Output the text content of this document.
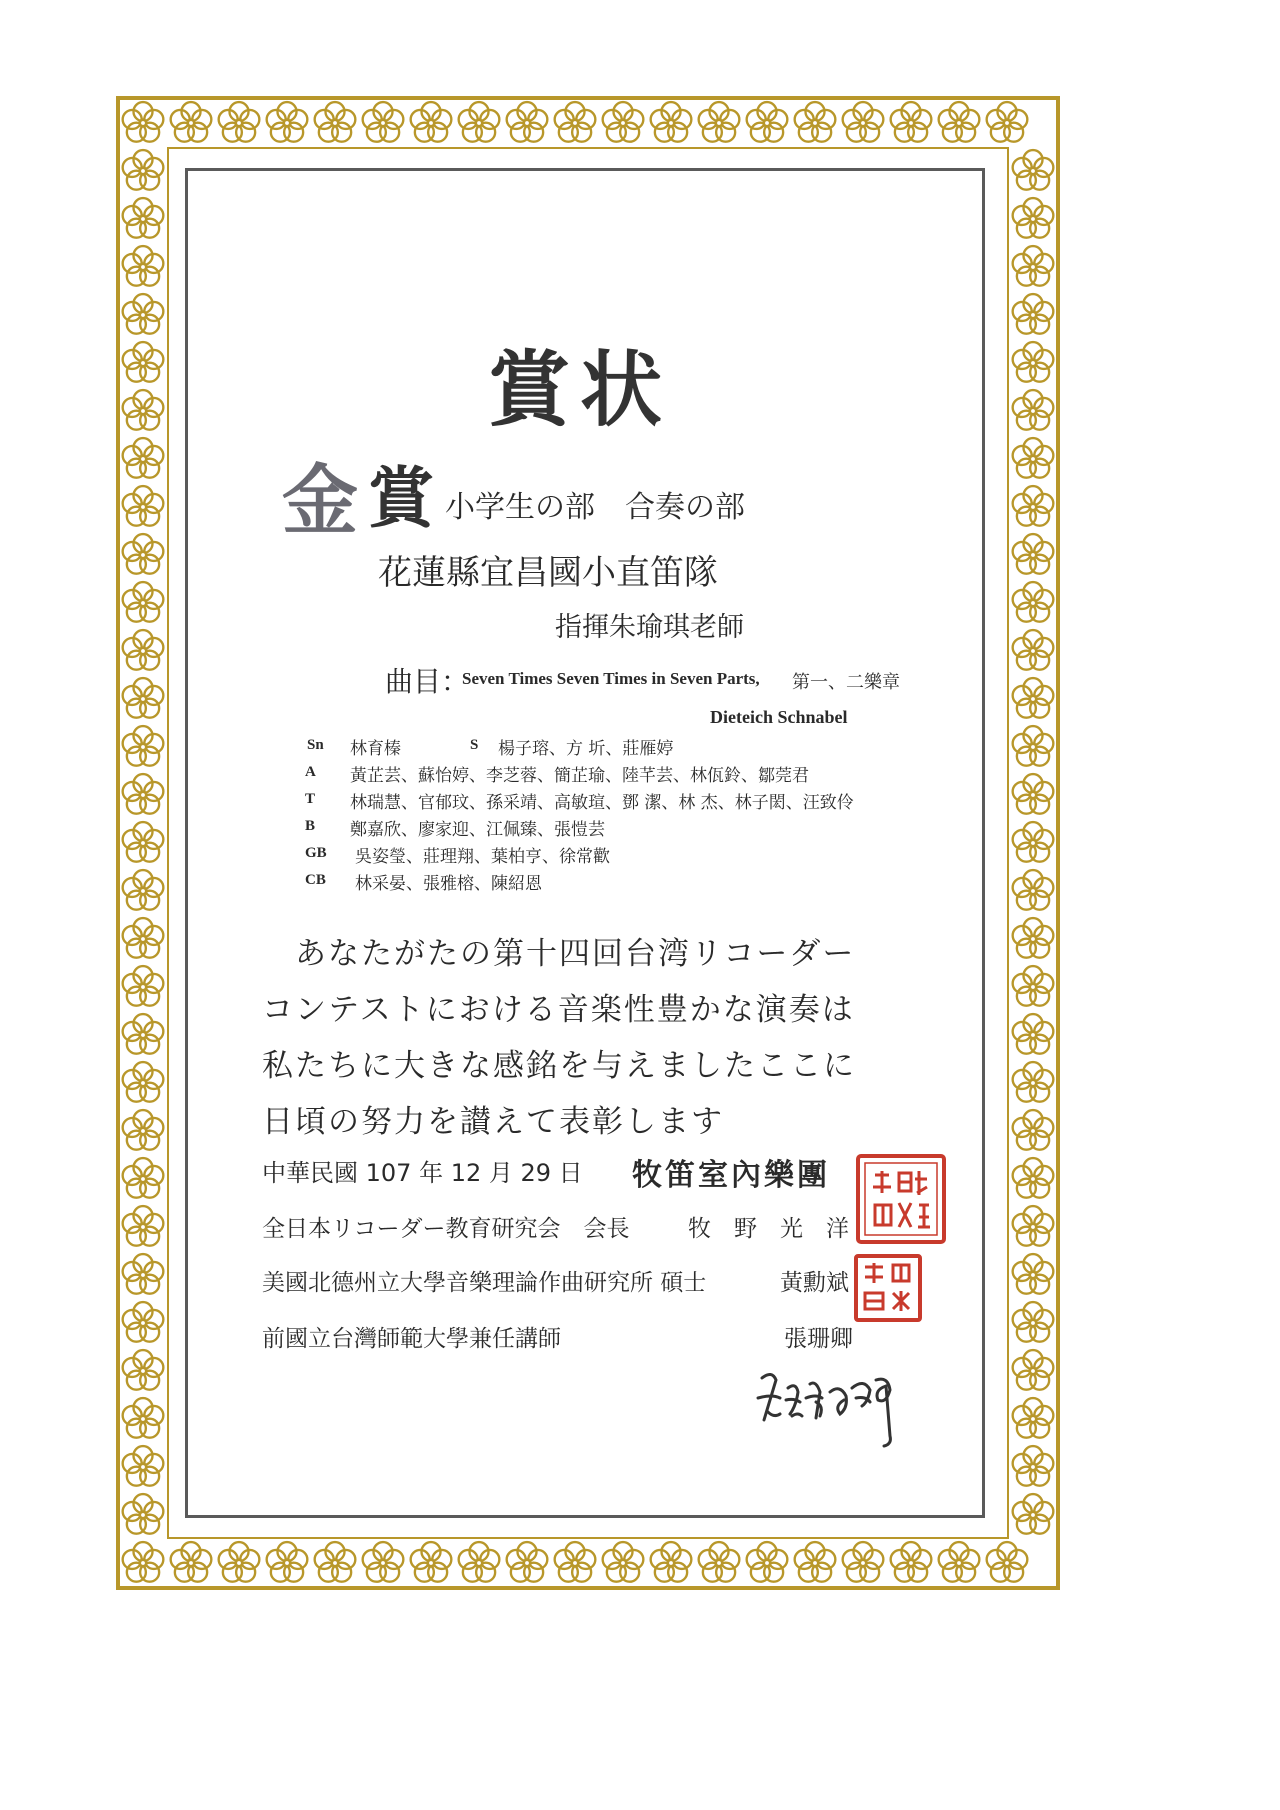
賞状
金 賞 小学生の部　合奏の部
花蓮縣宜昌國小直笛隊
指揮朱瑜琪老師
曲目：
Seven Times Seven Times in Seven Parts, 第一、二樂章
Dieteich Schnabel
Sn 林育榛	S 楊子瑢、方 圻、莊雁婷
A 黃芷芸、蘇怡婷、李芝蓉、簡芷瑜、陸芊芸、林佤鈴、鄒莞君
T 林瑞慧、官郁玟、孫采靖、高敏瑄、鄧 潔、林 杰、林子閎、汪致伶
B 鄭嘉欣、廖家迎、江佩臻、張愷芸
GB 吳姿瑩、莊理翔、葉柏亨、徐常歡
CB 林采晏、張雅榕、陳紹恩
　あなたがたの第十四回台湾リコーダー
コンテストにおける音楽性豊かな演奏は
私たちに大きな感銘を与えましたここに
日頃の努力を讃えて表彰します
中華民國 107 年 12 月 29 日 牧笛室內樂團
全日本リコーダー教育研究会　会長	牧　野　光　洋
美國北德州立大學音樂理論作曲研究所 碩士	黃勳斌
前國立台灣師範大學兼任講師	張珊卿
